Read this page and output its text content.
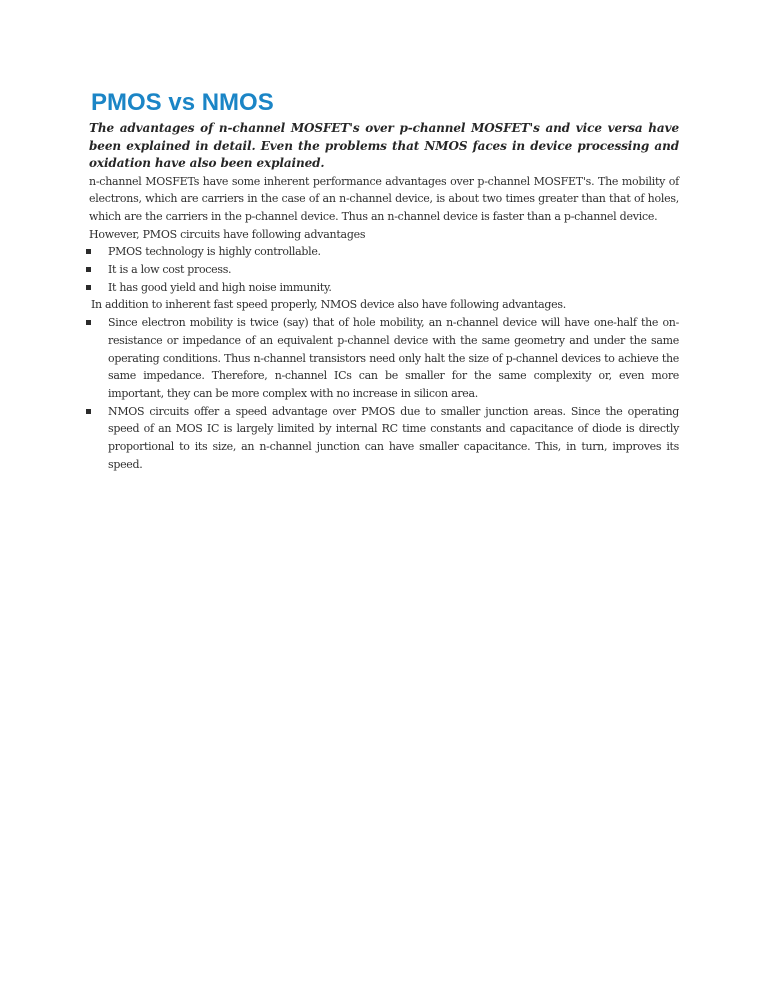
PMOS vs NMOS

The advantages of n-channel MOSFET's over p-channel MOSFET's and vice versa have been explained in detail. Even the problems that NMOS faces in device processing and oxidation have also been explained.

n-channel MOSFETs have some inherent performance advantages over p-channel MOSFET's. The mobility of electrons, which are carriers in the case of an n-channel device, is about two times greater than that of holes, which are the carriers in the p-channel device. Thus an n-channel device is faster than a p-channel device.

However, PMOS circuits have following advantages

PMOS technology is highly controllable.
It is a low cost process.
It has good yield and high noise immunity.

In addition to inherent fast speed properly, NMOS device also have following advantages.

Since electron mobility is twice (say) that of hole mobility, an n-channel device will have one-half the on-resistance or impedance of an equivalent p-channel device with the same geometry and under the same operating conditions. Thus n-channel transistors need only halt the size of p-channel devices to achieve the same impedance. Therefore, n-channel ICs can be smaller for the same complexity or, even more important, they can be more complex with no increase in silicon area.
NMOS circuits offer a speed advantage over PMOS due to smaller junction areas. Since the operating speed of an MOS IC is largely limited by internal RC time constants and capacitance of diode is directly proportional to its size, an n-channel junction can have smaller capacitance. This, in turn, improves its speed.
